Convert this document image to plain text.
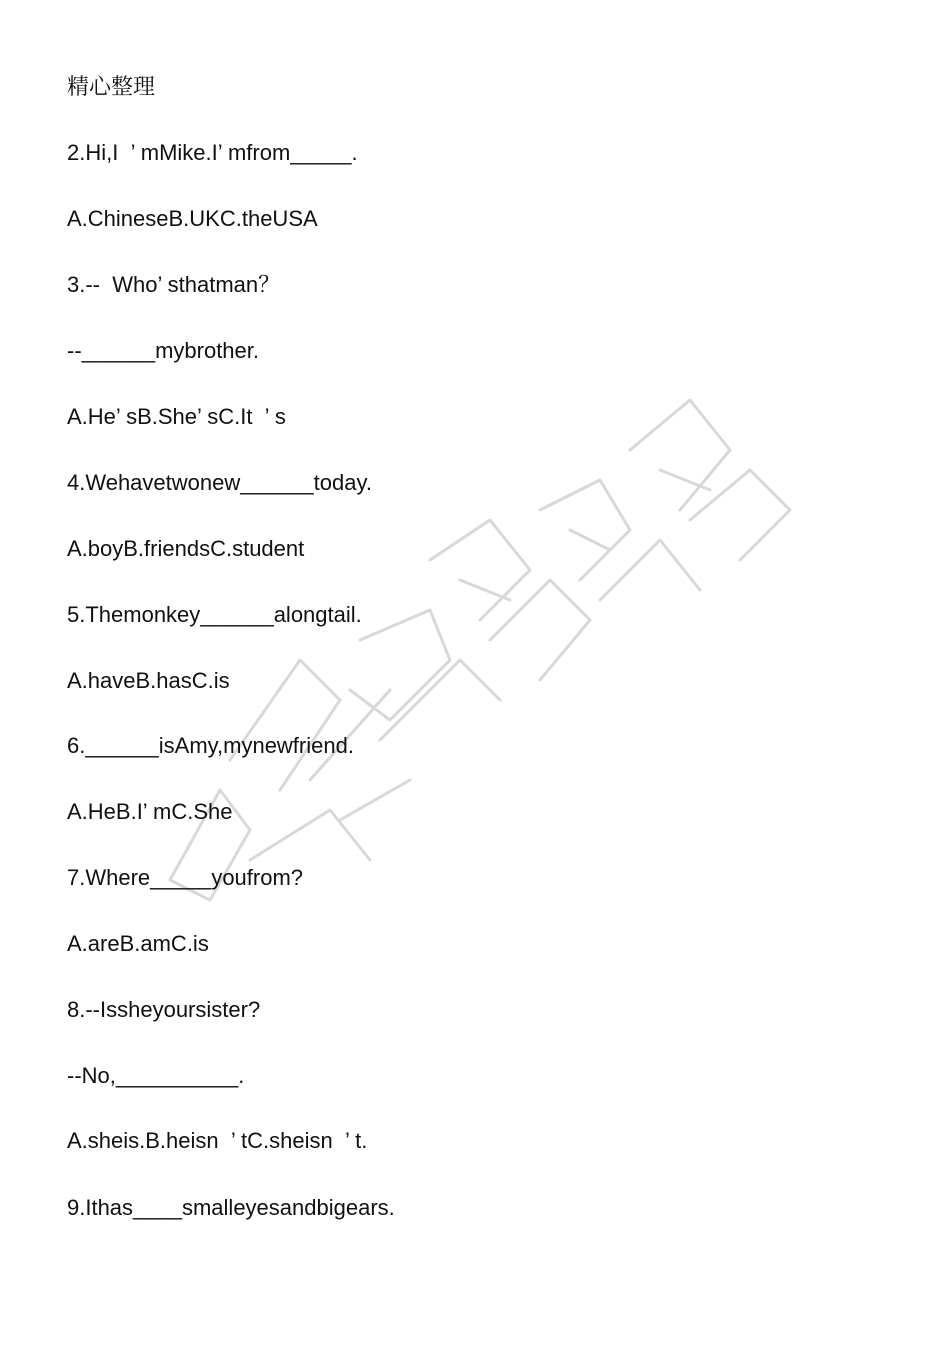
精心整理
2.Hi,I  ’ mMike.I’ mfrom_____.
A.ChineseB.UKC.theUSA
3.--  Who’ sthatman？
--______mybrother.
A.He’ sB.She’ sC.It  ’ s
4.Wehavetwonew______today.
A.boyB.friendsC.student
5.Themonkey______alongtail.
A.haveB.hasC.is
6.______isAmy,mynewfriend.
A.HeB.I’ mC.She
7.Where_____youfrom?
A.areB.amC.is
8.--Issheyoursister?
--No,__________.
A.sheis.B.heisn  ’ tC.sheisn  ’ t.
9.Ithas____smalleyesandbigears.
